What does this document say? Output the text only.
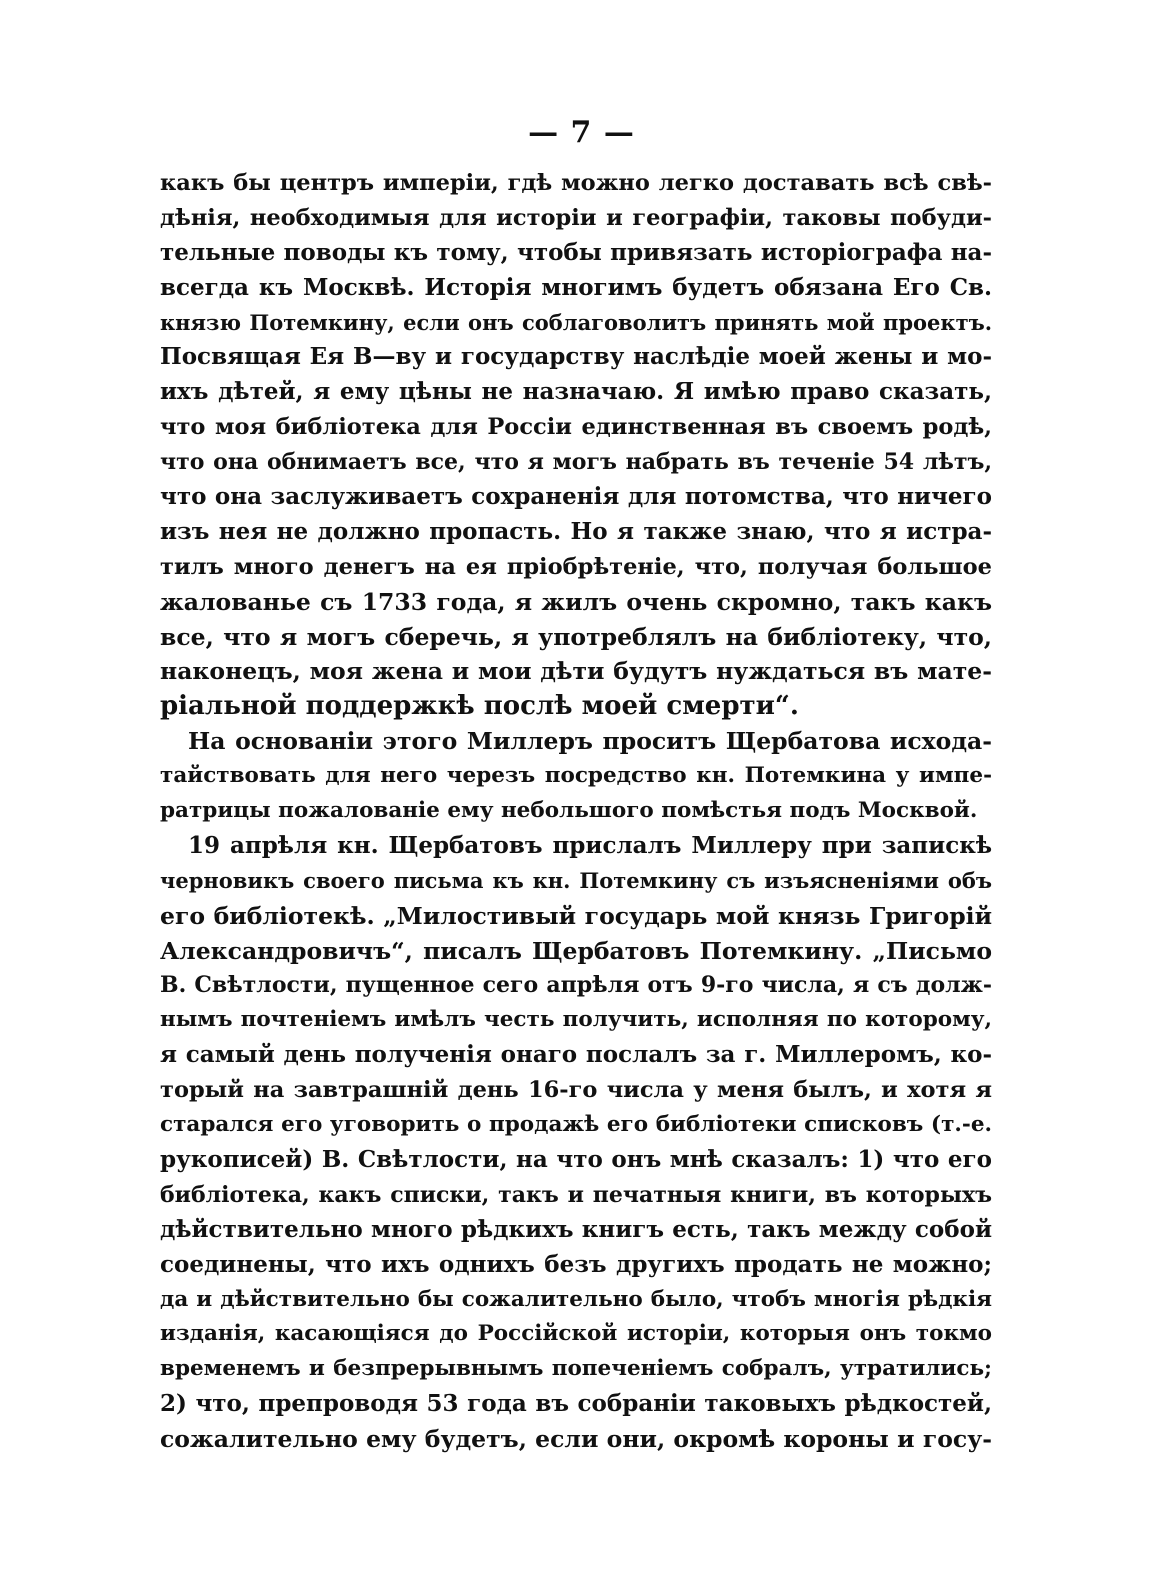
— 7 —
какъ бы центръ имперіи, гдѣ можно легко доставать всѣ свѣ-
дѣнія, необходимыя для исторіи и географіи, таковы побуди-
тельные поводы къ тому, чтобы привязать исторіографа на-
всегда къ Москвѣ. Исторія многимъ будетъ обязана Его Св.
князю Потемкину, если онъ соблаговолитъ принять мой проектъ.
Посвящая Ея В—ву и государству наслѣдіе моей жены и мо-
ихъ дѣтей, я ему цѣны не назначаю. Я имѣю право сказать,
что моя библіотека для Россіи единственная въ своемъ родѣ,
что она обнимаетъ все, что я могъ набрать въ теченіе 54 лѣтъ,
что она заслуживаетъ сохраненія для потомства, что ничего
изъ нея не должно пропасть. Но я также знаю, что я истра-
тилъ много денегъ на ея пріобрѣтеніе, что, получая большое
жалованье съ 1733 года, я жилъ очень скромно, такъ какъ
все, что я могъ сберечь, я употреблялъ на библіотеку, что,
наконецъ, моя жена и мои дѣти будутъ нуждаться въ мате-
ріальной поддержкѣ послѣ моей смерти“.
На основаніи этого Миллеръ проситъ Щербатова исхода-
тайствовать для него черезъ посредство кн. Потемкина у импе-
ратрицы пожалованіе ему небольшого помѣстья подъ Москвой.
19 апрѣля кн. Щербатовъ прислалъ Миллеру при запискѣ
черновикъ своего письма къ кн. Потемкину съ изъясненіями объ
его библіотекѣ. „Милостивый государь мой князь Григорій
Александровичъ“, писалъ Щербатовъ Потемкину. „Письмо
В. Свѣтлости, пущенное сего апрѣля отъ 9-го числа, я съ долж-
нымъ почтеніемъ имѣлъ честь получить, исполняя по которому,
я самый день полученія онаго послалъ за г. Миллеромъ, ко-
торый на завтрашній день 16-го числа у меня былъ, и хотя я
старался его уговорить о продажѣ его библіотеки списковъ (т.-е.
рукописей) В. Свѣтлости, на что онъ мнѣ сказалъ: 1) что его
библіотека, какъ списки, такъ и печатныя книги, въ которыхъ
дѣйствительно много рѣдкихъ книгъ есть, такъ между собой
соединены, что ихъ однихъ безъ другихъ продать не можно;
да и дѣйствительно бы сожалительно было, чтобъ многія рѣдкія
изданія, касающіяся до Россійской исторіи, которыя онъ токмо
временемъ и безпрерывнымъ попеченіемъ собралъ, утратились;
2) что, препроводя 53 года въ собраніи таковыхъ рѣдкостей,
сожалительно ему будетъ, если они, окромѣ короны и госу-
